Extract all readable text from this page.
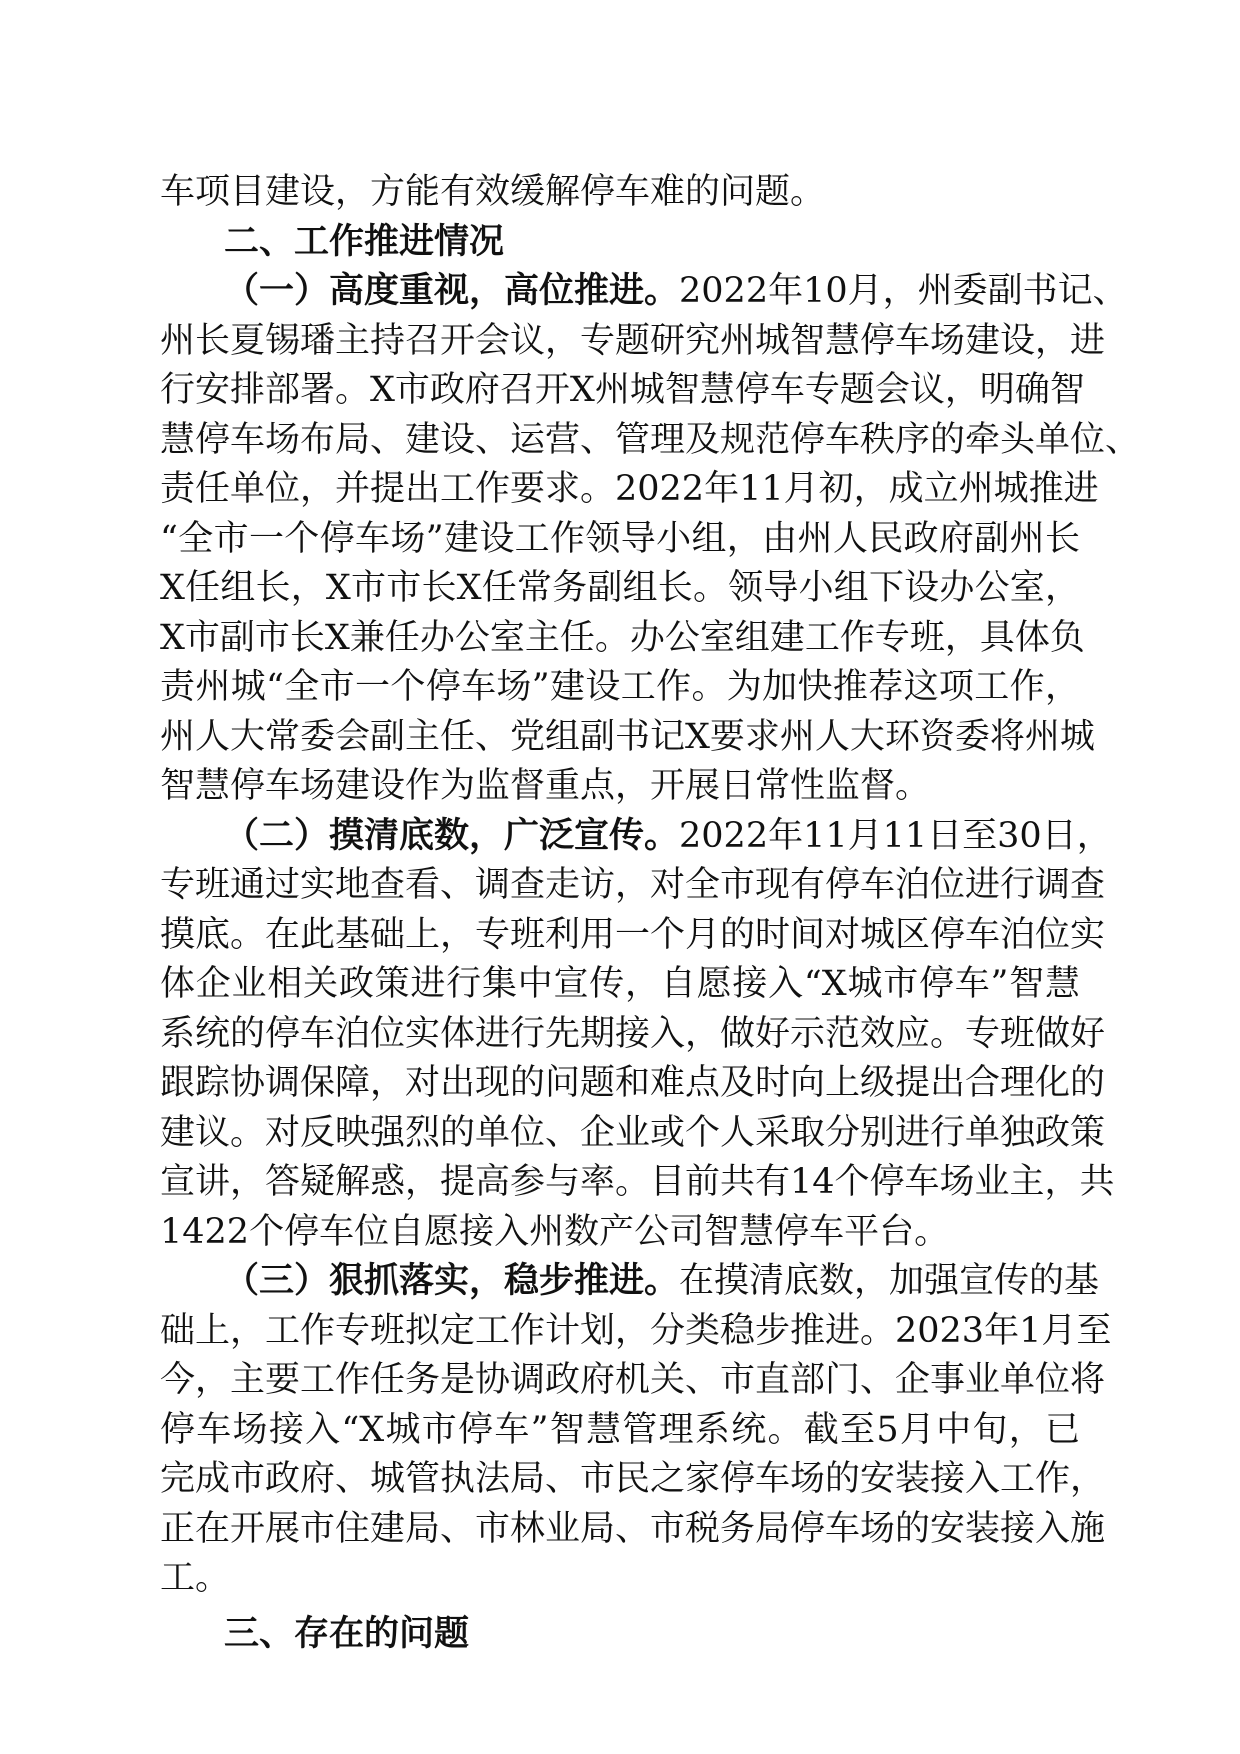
车项目建设，方能有效缓解停车难的问题。
二、工作推进情况
（一）高度重视，高位推进。2022年10月，州委副书记、
州长夏锡璠主持召开会议，专题研究州城智慧停车场建设，进
行安排部署。X市政府召开X州城智慧停车专题会议，明确智
慧停车场布局、建设、运营、管理及规范停车秩序的牵头单位、
责任单位，并提出工作要求。2022年11月初，成立州城推进
“全市一个停车场”建设工作领导小组，由州人民政府副州长
X任组长，X市市长X任常务副组长。领导小组下设办公室，
X市副市长X兼任办公室主任。办公室组建工作专班，具体负
责州城“全市一个停车场”建设工作。为加快推荐这项工作，
州人大常委会副主任、党组副书记X要求州人大环资委将州城
智慧停车场建设作为监督重点，开展日常性监督。
（二）摸清底数，广泛宣传。2022年11月11日至30日，
专班通过实地查看、调查走访，对全市现有停车泊位进行调查
摸底。在此基础上，专班利用一个月的时间对城区停车泊位实
体企业相关政策进行集中宣传，自愿接入“X城市停车”智慧
系统的停车泊位实体进行先期接入，做好示范效应。专班做好
跟踪协调保障，对出现的问题和难点及时向上级提出合理化的
建议。对反映强烈的单位、企业或个人采取分别进行单独政策
宣讲，答疑解惑，提高参与率。目前共有14个停车场业主，共
1422个停车位自愿接入州数产公司智慧停车平台。
（三）狠抓落实，稳步推进。在摸清底数，加强宣传的基
础上，工作专班拟定工作计划，分类稳步推进。2023年1月至
今，主要工作任务是协调政府机关、市直部门、企事业单位将
停车场接入“X城市停车”智慧管理系统。截至5月中旬，已
完成市政府、城管执法局、市民之家停车场的安装接入工作，
正在开展市住建局、市林业局、市税务局停车场的安装接入施
工。
三、存在的问题
